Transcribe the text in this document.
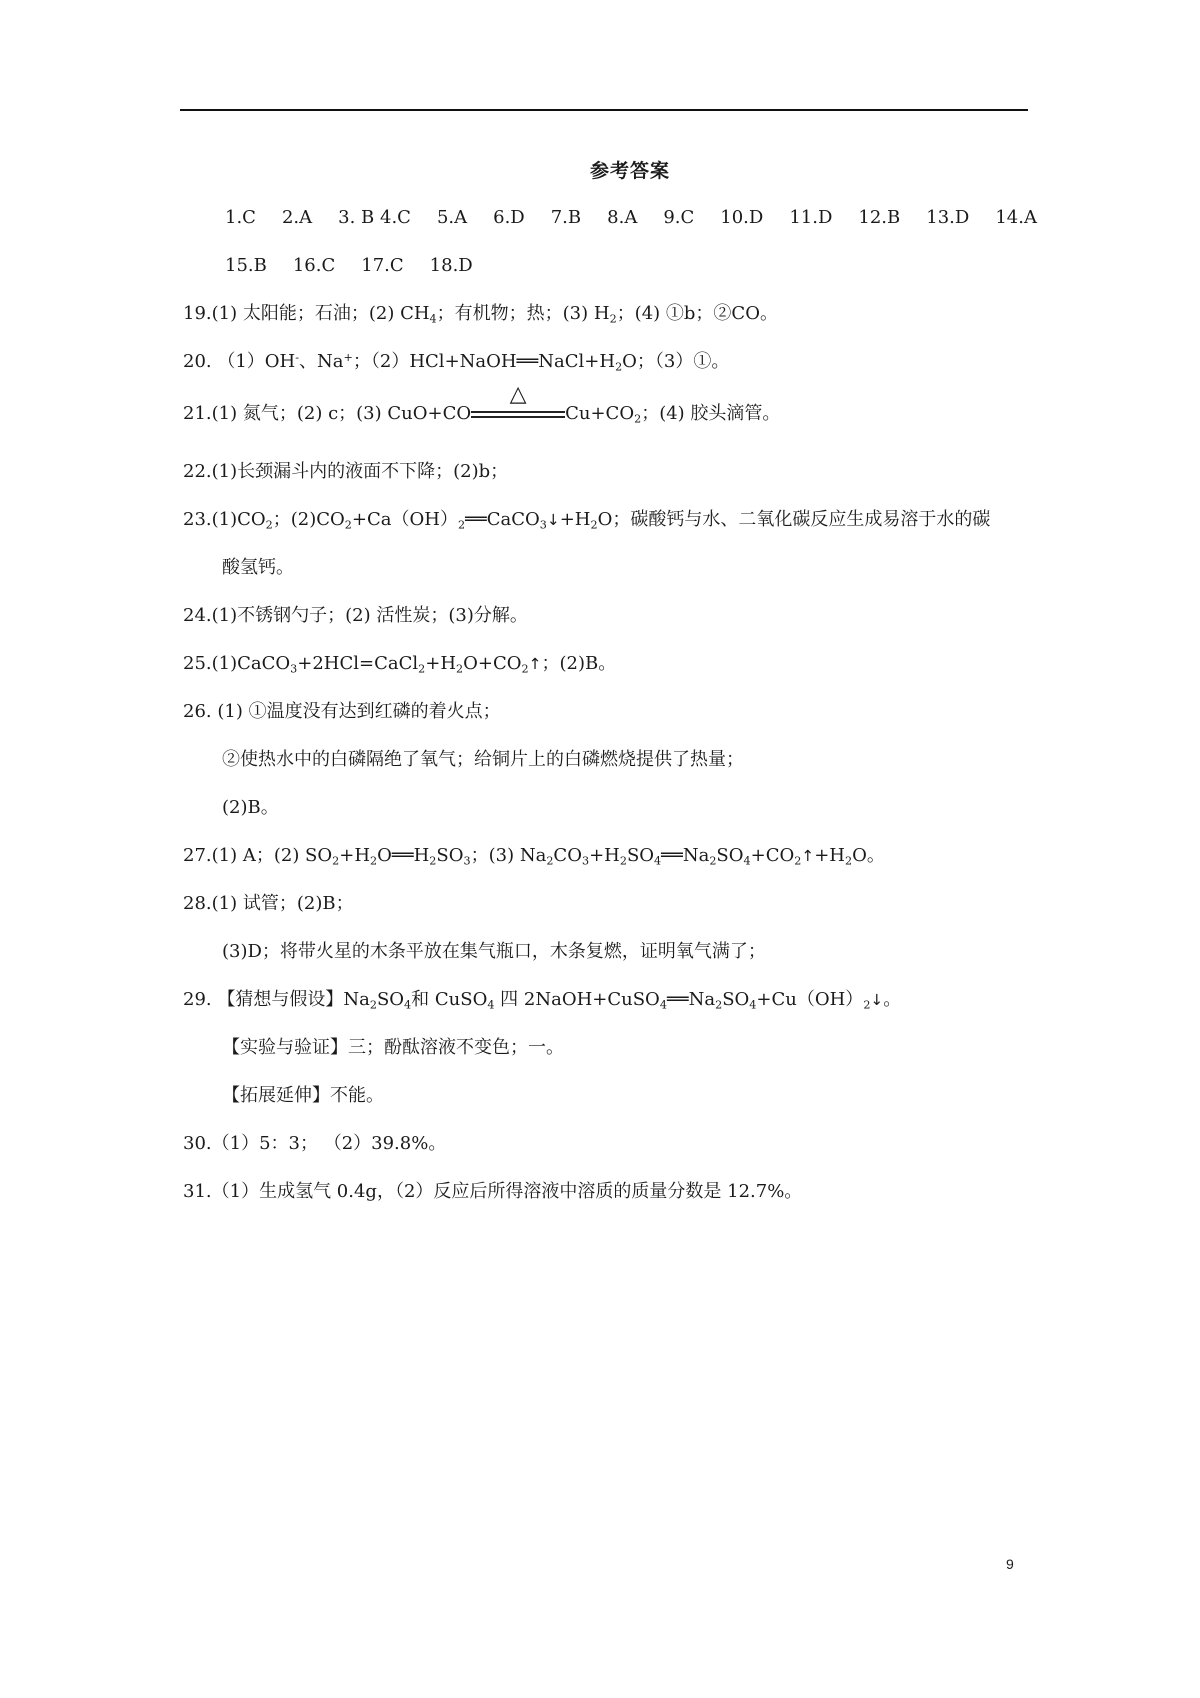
参考答案
1.C 2.A 3. B 4.C 5.A 6.D 7.B 8.A 9.C 10.D 11.D 12.B 13.D 14.A
15.B 16.C 17.C 18.D
19.(1) 太阳能；石油；(2) $CH_4$；有机物；热；(3) $H_2$；(4) ①b；②CO。
20. （1）OH-、Na+；$(2)HCl+NaOH══NaCl+H_2O$；（3）①。
21.(1) 氮气；(2) c；(3) CuO+CO
△
$Cu+CO_2$；(4) 胶头滴管。
22.(1)长颈漏斗内的液面不下降；(2)b；
$23.(1)CO_2$；$(2)CO_2+Ca(OH)_2══CaCO_3↓+H_2O$；碳酸钙与水、二氧化碳反应生成易溶于水的碳
酸氢钙。
24.(1)不锈钢勺子；(2) 活性炭；(3)分解。
$25.(1)CaCO_3+2HCl=CaCl_2+H_2O+CO_2↑$；(2)B。
26. (1) ①温度没有达到红磷的着火点；
②使热水中的白磷隔绝了氧气；给铜片上的白磷燃烧提供了热量；
(2)B。
27.(1) A；(2) $SO_2+H_2O══H_2SO_3$；(3) $Na_2CO_3+H_2SO_4══Na_2SO_4+CO_2↑+H_2O$。
28.(1) 试管；(2)B；
(3)D；将带火星的木条平放在集气瓶口，木条复燃，证明氧气满了；
29. 【猜想与假设】$Na_2SO_4$和 CuSO$_4$ 四 $2NaOH+CuSO_4══Na_2SO_4+Cu(OH)_2↓$。
【实验与验证】三；酚酞溶液不变色；一。
【拓展延伸】不能。
30.（1）5：3； （2）39.8%。
31.（1）生成氢气 0.4g，（2）反应后所得溶液中溶质的质量分数是 12.7%。
9
